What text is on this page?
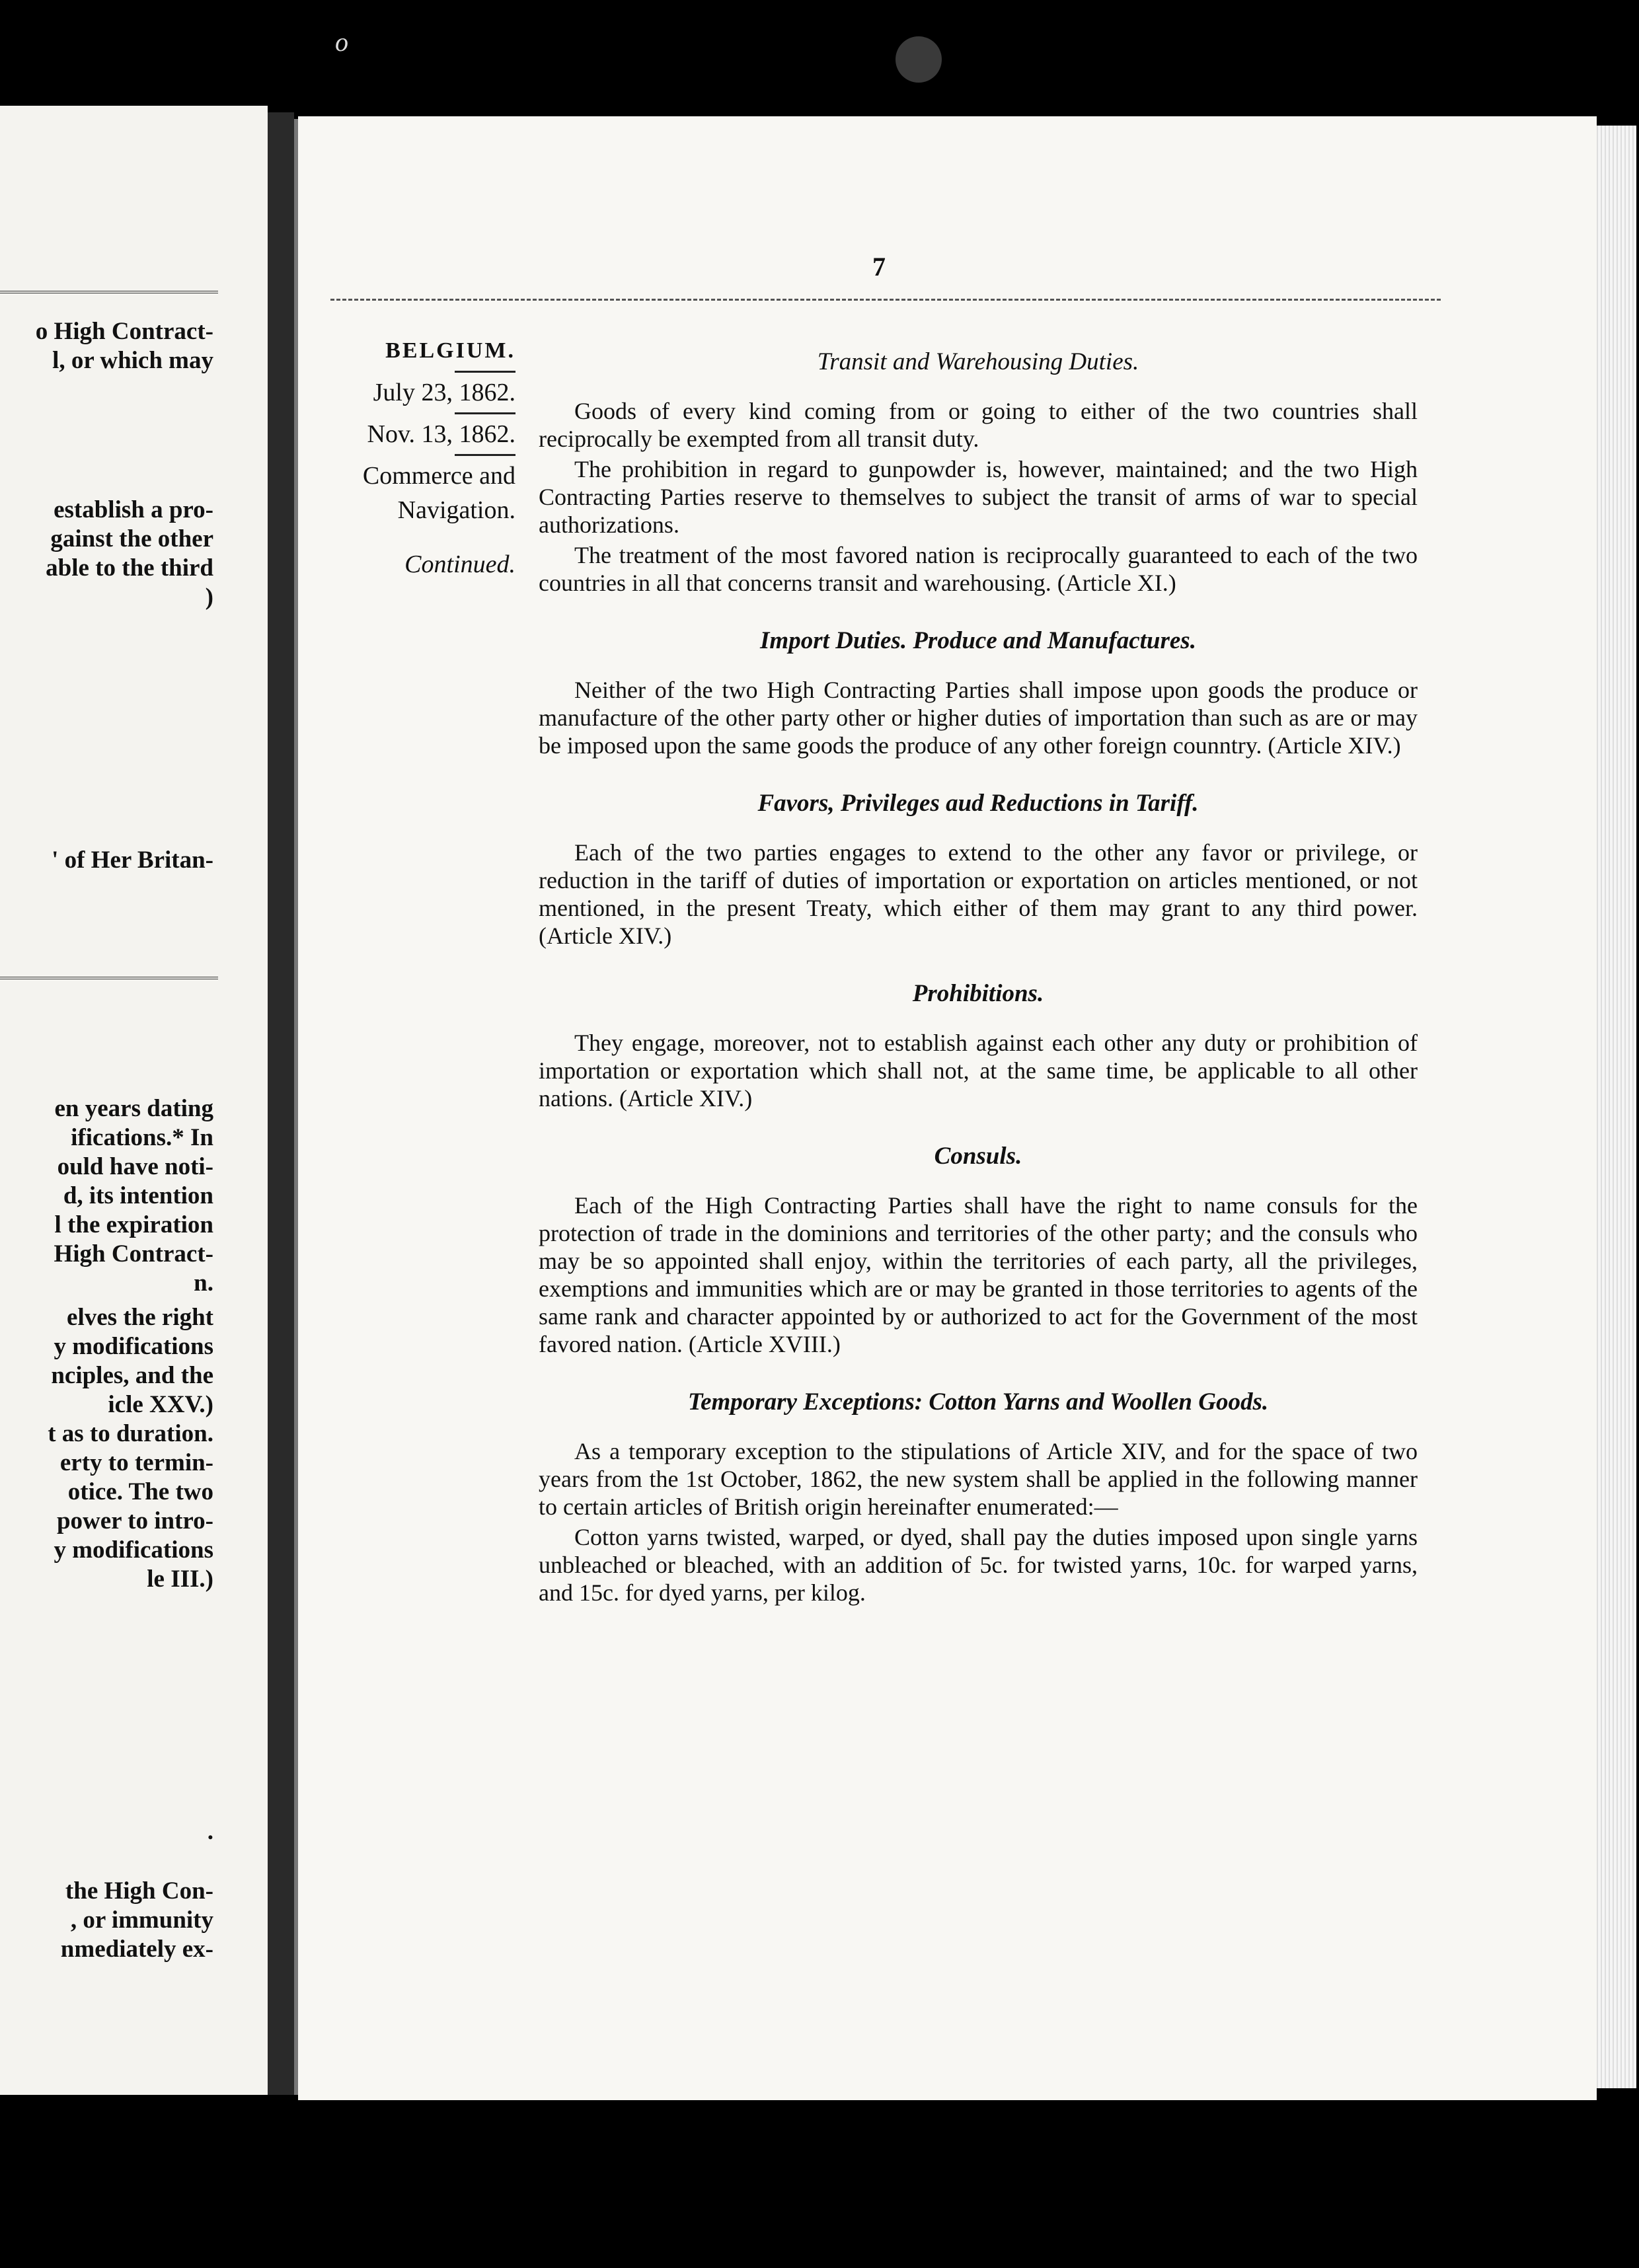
o
o High Contract-
l, or which may
establish a pro-
gainst the other
able to the third
)
' of Her Britan-
en years dating
ifications.* In
ould have noti-
d, its intention
l the expiration
High Contract-
n.
elves the right
y modifications
nciples, and the
icle XXV.)
t as to duration.
erty to termin-
otice. The two
power to intro-
y modifications
le III.)
.
the High Con-
, or immunity
nmediately ex-
7
BELGIUM.
July 23, 1862.
Nov. 13, 1862.
Commerce and
Navigation.
Continued.
Transit and Warehousing Duties.

Goods of every kind coming from or going to either of the two countries shall reciprocally be exempted from all transit duty.

The prohibition in regard to gunpowder is, however, maintained; and the two High Contracting Parties reserve to themselves to subject the transit of arms of war to special authorizations.

The treatment of the most favored nation is reciprocally guaranteed to each of the two countries in all that concerns transit and warehousing. (Article XI.)

Import Duties. Produce and Manufactures.

Neither of the two High Contracting Parties shall impose upon goods the produce or manufacture of the other party other or higher duties of importation than such as are or may be imposed upon the same goods the produce of any other foreign counntry. (Article XIV.)

Favors, Privileges aud Reductions in Tariff.

Each of the two parties engages to extend to the other any favor or privilege, or reduction in the tariff of duties of importation or exportation on articles mentioned, or not mentioned, in the present Treaty, which either of them may grant to any third power. (Article XIV.)

Prohibitions.

They engage, moreover, not to establish against each other any duty or prohibition of importation or exportation which shall not, at the same time, be applicable to all other nations. (Article XIV.)

Consuls.

Each of the High Contracting Parties shall have the right to name consuls for the protection of trade in the dominions and territories of the other party; and the consuls who may be so appointed shall enjoy, within the territories of each party, all the privileges, exemptions and immunities which are or may be granted in those territories to agents of the same rank and character appointed by or authorized to act for the Government of the most favored nation. (Article XVIII.)

Temporary Exceptions: Cotton Yarns and Woollen Goods.

As a temporary exception to the stipulations of Article XIV, and for the space of two years from the 1st October, 1862, the new system shall be applied in the following manner to certain articles of British origin hereinafter enumerated:—

Cotton yarns twisted, warped, or dyed, shall pay the duties imposed upon single yarns unbleached or bleached, with an addition of 5c. for twisted yarns, 10c. for warped yarns, and 15c. for dyed yarns, per kilog.
